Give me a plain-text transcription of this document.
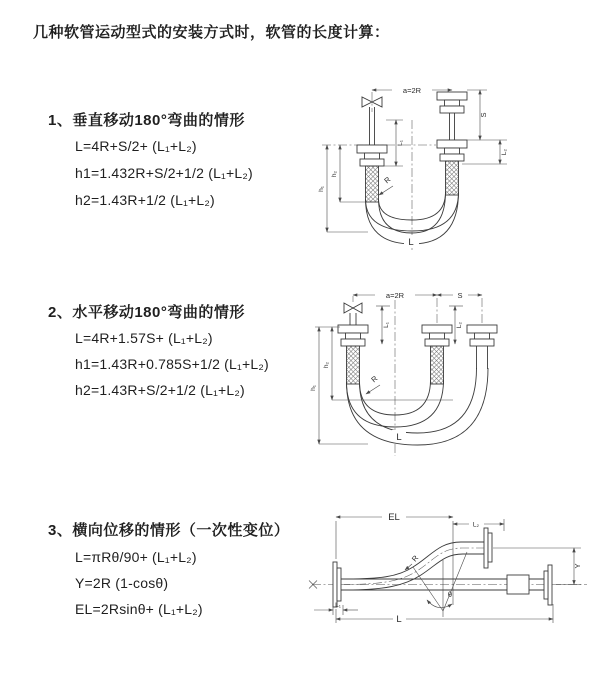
几种软管运动型式的安装方式时，软管的长度计算：
1、垂直移动180°弯曲的情形
L=4R+S/2+ (L₁+L₂)
h1=1.432R+S/2+1/2 (L₁+L₂)
h2=1.43R+1/2 (L₁+L₂)
2、水平移动180°弯曲的情形
L=4R+1.57S+ (L₁+L₂)
h1=1.43R+0.785S+1/2 (L₁+L₂)
h2=1.43R+S/2+1/2 (L₁+L₂)
3、横向位移的情形（一次性变位）
L=πRθ/90+ (L₁+L₂)
Y=2R (1-cosθ)
EL=2Rsinθ+ (L₁+L₂)
a=2R
h₁
h₂
L₁
S
L₂
R
L
a=2R	S
L₁	L₂
h₁
h₂
R
L
EL
L₂
θ
R
Y
L₁
L
